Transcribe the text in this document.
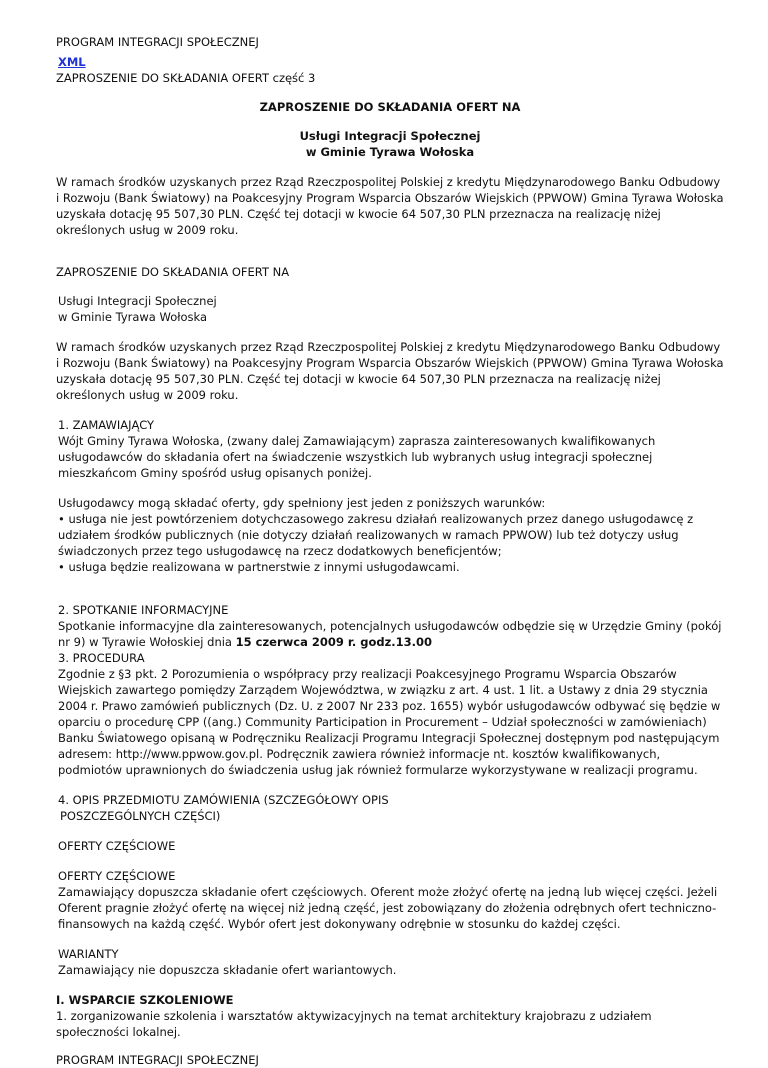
PROGRAM INTEGRACJI SPOŁECZNEJ

XML

ZAPROSZENIE DO SKŁADANIA OFERT część 3

ZAPROSZENIE DO SKŁADANIA OFERT NA

Usługi Integracji Społecznej

w Gminie Tyrawa Wołoska

W ramach środków uzyskanych przez Rząd Rzeczpospolitej Polskiej z kredytu Międzynarodowego Banku Odbudowy i Rozwoju (Bank Światowy) na Poakcesyjny Program Wsparcia Obszarów Wiejskich (PPWOW) Gmina Tyrawa Wołoska uzyskała dotację 95 507,30 PLN. Część tej dotacji w kwocie 64 507,30 PLN przeznacza na realizację niżej określonych usług w 2009 roku.

ZAPROSZENIE DO SKŁADANIA OFERT NA

Usługi Integracji Społecznej

w Gminie Tyrawa Wołoska

W ramach środków uzyskanych przez Rząd Rzeczpospolitej Polskiej z kredytu Międzynarodowego Banku Odbudowy i Rozwoju (Bank Światowy) na Poakcesyjny Program Wsparcia Obszarów Wiejskich (PPWOW) Gmina Tyrawa Wołoska uzyskała dotację 95 507,30 PLN. Część tej dotacji w kwocie 64 507,30 PLN przeznacza na realizację niżej określonych usług w 2009 roku.

1. ZAMAWIAJĄCY

Wójt Gminy Tyrawa Wołoska, (zwany dalej Zamawiającym) zaprasza zainteresowanych kwalifikowanych usługodawców do składania ofert na świadczenie wszystkich lub wybranych usług integracji społecznej mieszkańcom Gminy spośród usług opisanych poniżej.

Usługodawcy mogą składać oferty, gdy spełniony jest jeden z poniższych warunków:

• usługa nie jest powtórzeniem dotychczasowego zakresu działań realizowanych przez danego usługodawcę z udziałem środków publicznych (nie dotyczy działań realizowanych w ramach PPWOW) lub też dotyczy usług świadczonych przez tego usługodawcę na rzecz dodatkowych beneficjentów;

• usługa będzie realizowana w partnerstwie z innymi usługodawcami.

2. SPOTKANIE INFORMACYJNE

Spotkanie informacyjne dla zainteresowanych, potencjalnych usługodawców odbędzie się w Urzędzie Gminy (pokój nr 9) w Tyrawie Wołoskiej dnia 15 czerwca 2009 r. godz.13.00

3. PROCEDURA

Zgodnie z §3 pkt. 2 Porozumienia o współpracy przy realizacji Poakcesyjnego Programu Wsparcia Obszarów Wiejskich zawartego pomiędzy Zarządem Województwa, w związku z art. 4 ust. 1 lit. a Ustawy z dnia 29 stycznia 2004 r. Prawo zamówień publicznych (Dz. U. z 2007 Nr 233 poz. 1655) wybór usługodawców odbywać się będzie w oparciu o procedurę CPP ((ang.) Community Participation in Procurement – Udział społeczności w zamówieniach) Banku Światowego opisaną w Podręczniku Realizacji Programu Integracji Społecznej dostępnym pod następującym adresem: http://www.ppwow.gov.pl. Podręcznik zawiera również informacje nt. kosztów kwalifikowanych, podmiotów uprawnionych do świadczenia usług jak również formularze wykorzystywane w realizacji programu.

4. OPIS PRZEDMIOTU ZAMÓWIENIA (SZCZEGÓŁOWY OPIS

POSZCZEGÓLNYCH CZĘŚCI)

OFERTY CZĘŚCIOWE

OFERTY CZĘŚCIOWE

Zamawiający dopuszcza składanie ofert częściowych. Oferent może złożyć ofertę na jedną lub więcej części. Jeżeli Oferent pragnie złożyć ofertę na więcej niż jedną część, jest zobowiązany do złożenia odrębnych ofert techniczno-finansowych na każdą część. Wybór ofert jest dokonywany odrębnie w stosunku do każdej części.

WARIANTY

Zamawiający nie dopuszcza składanie ofert wariantowych.

I. WSPARCIE SZKOLENIOWE

1. zorganizowanie szkolenia i warsztatów aktywizacyjnych na temat architektury krajobrazu z udziałem społeczności lokalnej.

PROGRAM INTEGRACJI SPOŁECZNEJ
